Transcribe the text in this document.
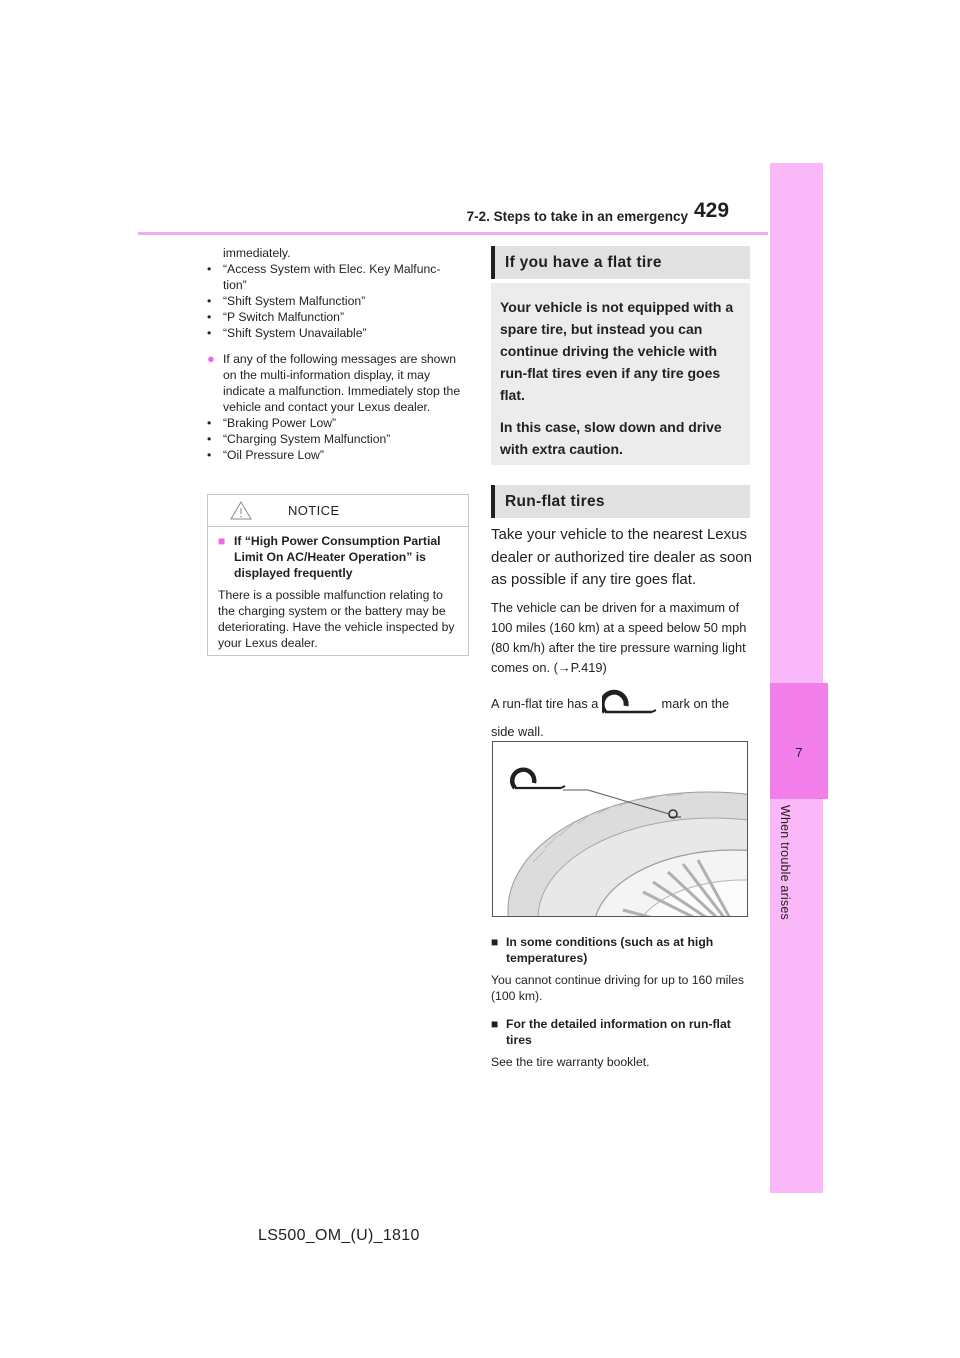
7-2. Steps to take in an emergency 429
7
When trouble arises
immediately.
• “Access System with Elec. Key Malfunc-
tion”
• “Shift System Malfunction”
• “P Switch Malfunction”
• “Shift System Unavailable”
● If any of the following messages are shown on the multi-information display, it may indicate a malfunction. Immediately stop the vehicle and contact your Lexus dealer.
• “Braking Power Low”
• “Charging System Malfunction”
• “Oil Pressure Low”
NOTICE
■ If “High Power Consumption Partial Limit On AC/Heater Operation” is displayed frequently
There is a possible malfunction relating to the charging system or the battery may be deteriorating. Have the vehicle inspected by your Lexus dealer.
If you have a flat tire

Your vehicle is not equipped with a spare tire, but instead you can continue driving the vehicle with run-flat tires even if any tire goes flat.

In this case, slow down and drive with extra caution.

Run-flat tires
Take your vehicle to the nearest Lexus dealer or authorized tire dealer as soon as possible if any tire goes flat.
The vehicle can be driven for a maximum of 100 miles (160 km) at a speed below 50 mph (80 km/h) after the tire pressure warning light comes on. (→P.419)
A run-flat tire has a	mark on the side wall.
■ In some conditions (such as at high temperatures)
You cannot continue driving for up to 160 miles (100 km).
■ For the detailed information on run-flat tires
See the tire warranty booklet.
LS500_OM_(U)_1810
